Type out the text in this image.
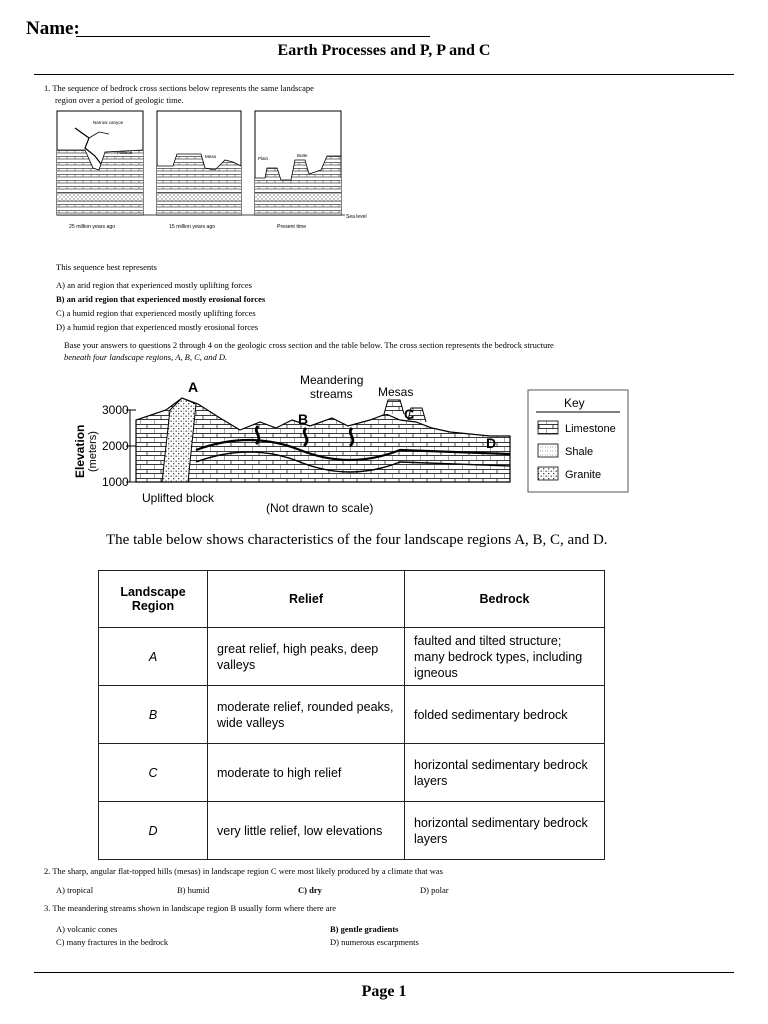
Name:
Earth Processes and P, P and C
1. The sequence of bedrock cross sections below represents the same landscape
region over a period of geologic time.
Narrow canyon
Plateau
Mesa	Plain
Butte
Sea level
25 million years ago	15 million years ago	Present time
This sequence best represents
A) an arid region that experienced mostly uplifting forces
B) an arid region that experienced mostly erosional forces
C) a humid region that experienced mostly uplifting forces
D) a humid region that experienced mostly erosional forces
Base your answers to questions 2 through 4 on the geologic cross section and the table below. The cross section represents the bedrock structure
beneath four landscape regions, A, B, C, and D.
Elevation (meters)
3000
2000
1000
A
B	C
D
Meandering
streams Mesas
Uplifted block
(Not drawn to scale)
Key
Limestone
Shale
Granite
The table below shows characteristics of the four landscape regions A, B, C, and D.
Landscape Region	Relief	Bedrock
A	great relief, high peaks, deep valleys	faulted and tilted structure; many bedrock types, including igneous
B	moderate relief, rounded peaks, wide valleys	folded sedimentary bedrock
C	moderate to high relief	horizontal sedimentary bedrock layers
D	very little relief, low elevations	horizontal sedimentary bedrock layers
2. The sharp, angular flat-topped hills (mesas) in landscape region C were most likely produced by a climate that was
A) tropical	B) humid	C) dry	D) polar
3. The meandering streams shown in landscape region B usually form where there are
A) volcanic cones	B) gentle gradients
C) many fractures in the bedrock	D) numerous escarpments
Page 1
